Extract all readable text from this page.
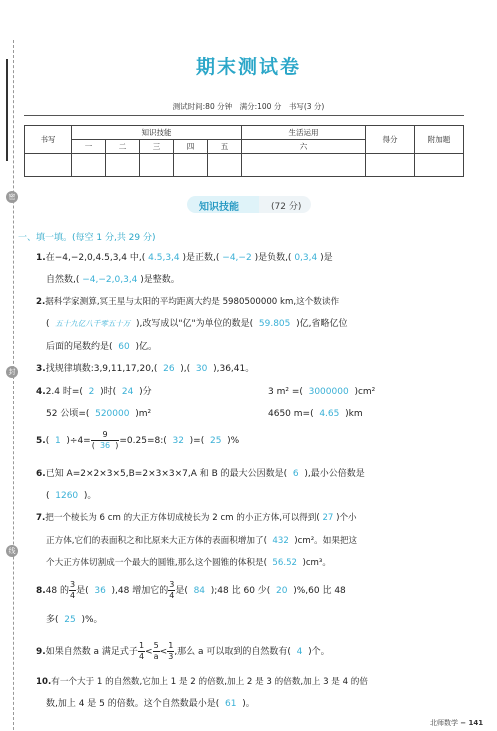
密
封
线
期末测试卷
测试时间:80 分钟　满分:100 分　书写(3 分)
书写	知识技能					生活运用	得分	附加题
	一	二	三	四	五	六		

知识技能	(72 分)
一、填一填。(每空 1 分,共 29 分)
1.在−4,−2,0,4.5,3,4 中,( 4.5,3,4 )是正数,( −4,−2 )是负数,( 0,3,4 )是
自然数,( −4,−2,0,3,4 )是整数。
2.据科学家测算,冥王星与太阳的平均距离大约是 5980500000 km,这个数读作
( 五十九亿八千零五十万 ),改写成以"亿"为单位的数是( 59.805 )亿,省略亿位
后面的尾数约是( 60 )亿。
3.找规律填数:3,9,11,17,20,( 26 ),( 30 ),36,41。
4.2.4 时=( 2 )时( 24 )分	3 m² =( 3000000 )cm²
52 公顷=( 520000 )m²	4650 m=( 4.65 )km
5.( 1 )$\div 4= \frac{9}{( 36 )}$ =0.25=8:( 32 )=( 25 )%
6.已知 A=2×2×3×5,B=2×3×3×7,A 和 B 的最大公因数是( 6 ),最小公倍数是
( 1260 )。
7.把一个棱长为 6 cm 的大正方体切成棱长为 2 cm 的小正方体,可以得到( 27 )个小
正方体,它们的表面积之和比原来大正方体的表面积增加了( 432 )cm²。如果把这
个大正方体切割成一个最大的圆锥,那么这个圆锥的体积是( 56.52 )cm³。
8.48 的 $\frac{3}{4}$ 是( 36 ),48 增加它的 $\frac{3}{4}$ 是( 84 );48 比 60 少( 20 )%,60 比 48
多( 25 )%。
9.如果自然数 a 满足式子 $\frac{1}{4} < \frac{5}{a} < \frac{1}{3}$ ,那么 a 可以取到的自然数有( 4 )个。
10.有一个大于 1 的自然数,它加上 1 是 2 的倍数,加上 2 是 3 的倍数,加上 3 是 4 的倍
数,加上 4 是 5 的倍数。这个自然数最小是( 61 )。
北师数学 − 141
